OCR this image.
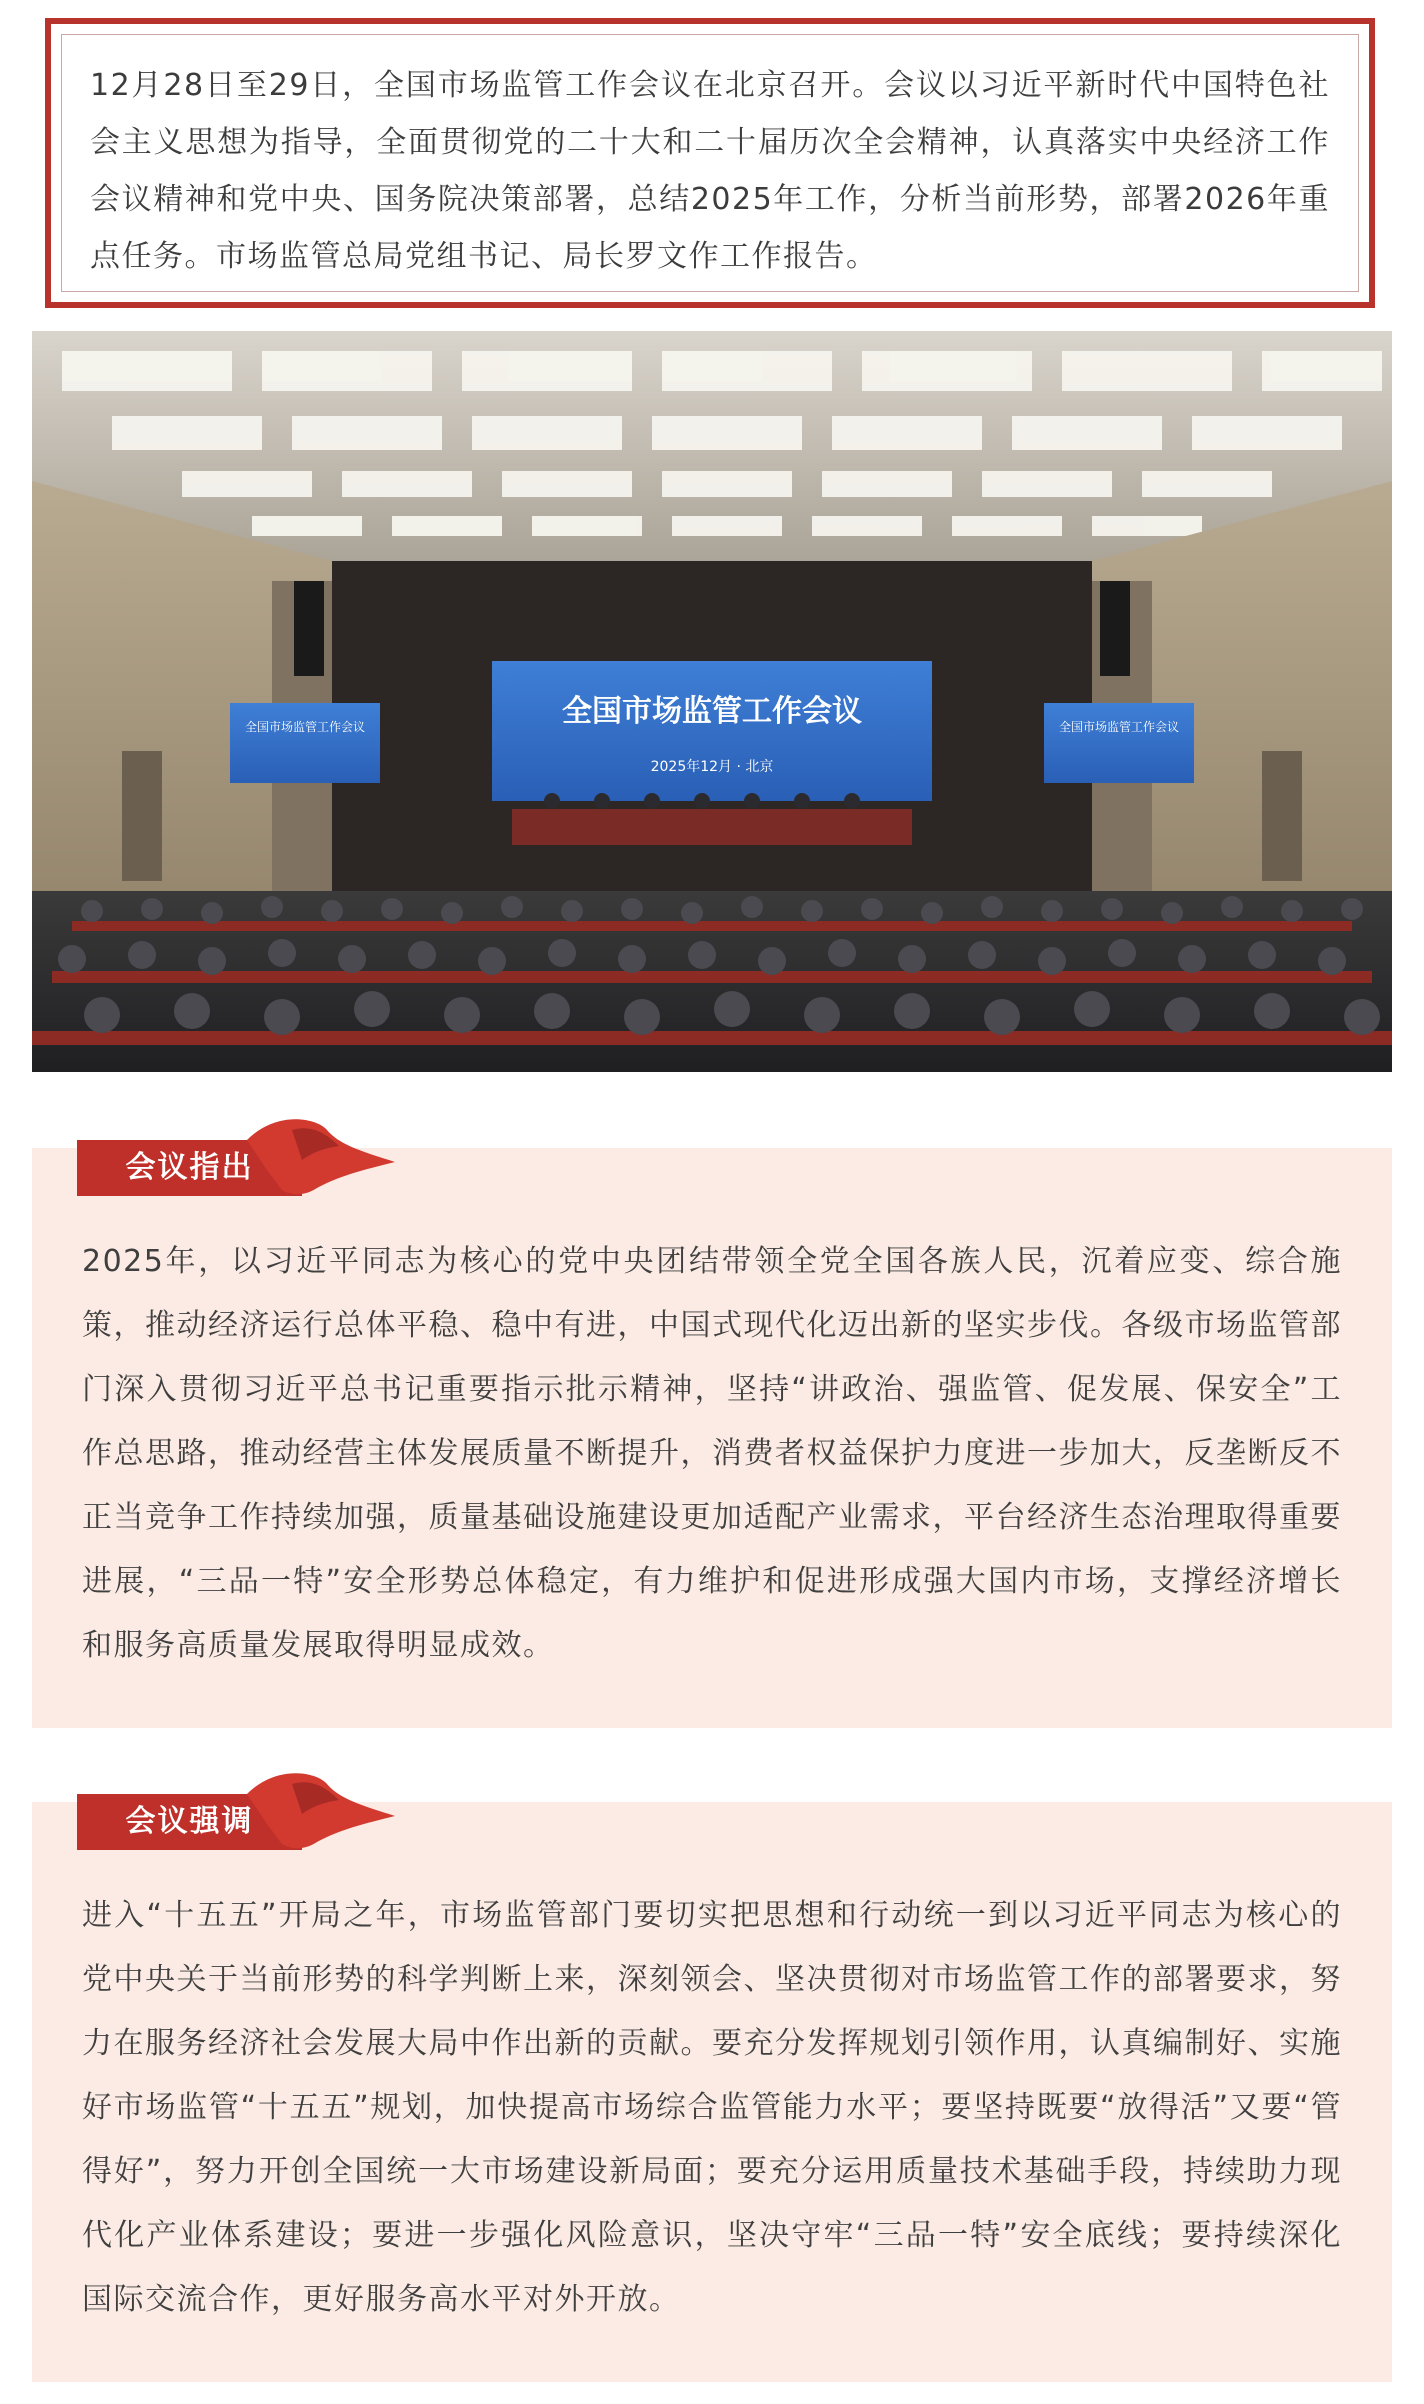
12月28日至29日，全国市场监管工作会议在北京召开。会议以习近平新时代中国特色社会主义思想为指导，全面贯彻党的二十大和二十届历次全会精神，认真落实中央经济工作会议精神和党中央、国务院决策部署，总结2025年工作，分析当前形势，部署2026年重点任务。市场监管总局党组书记、局长罗文作工作报告。

全国市场监管工作会议
2025年12月 · 北京
全国市场监管工作会议	全国市场监管工作会议

2025年，以习近平同志为核心的党中央团结带领全党全国各族人民，沉着应变、综合施策，推动经济运行总体平稳、稳中有进，中国式现代化迈出新的坚实步伐。各级市场监管部门深入贯彻习近平总书记重要指示批示精神，坚持“讲政治、强监管、促发展、保安全”工作总思路，推动经营主体发展质量不断提升，消费者权益保护力度进一步加大，反垄断反不正当竞争工作持续加强，质量基础设施建设更加适配产业需求，平台经济生态治理取得重要进展，“三品一特”安全形势总体稳定，有力维护和促进形成强大国内市场，支撑经济增长和服务高质量发展取得明显成效。

会议指出

进入“十五五”开局之年，市场监管部门要切实把思想和行动统一到以习近平同志为核心的党中央关于当前形势的科学判断上来，深刻领会、坚决贯彻对市场监管工作的部署要求，努力在服务经济社会发展大局中作出新的贡献。要充分发挥规划引领作用，认真编制好、实施好市场监管“十五五”规划，加快提高市场综合监管能力水平；要坚持既要“放得活”又要“管得好”，努力开创全国统一大市场建设新局面；要充分运用质量技术基础手段，持续助力现代化产业体系建设；要进一步强化风险意识，坚决守牢“三品一特”安全底线；要持续深化国际交流合作，更好服务高水平对外开放。

会议强调
